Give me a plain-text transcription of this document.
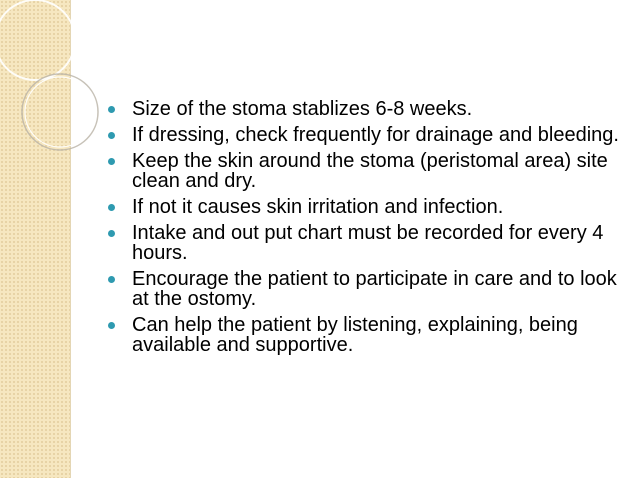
Size of the stoma stablizes 6-8 weeks.
If dressing, check frequently for drainage and bleeding.
Keep the skin around the stoma (peristomal area) site clean and dry.
If not it causes skin irritation and infection.
Intake and out put chart must be recorded for every 4 hours.
Encourage the patient to participate in care and to look at the ostomy.
Can help the patient by listening, explaining, being available and supportive.
